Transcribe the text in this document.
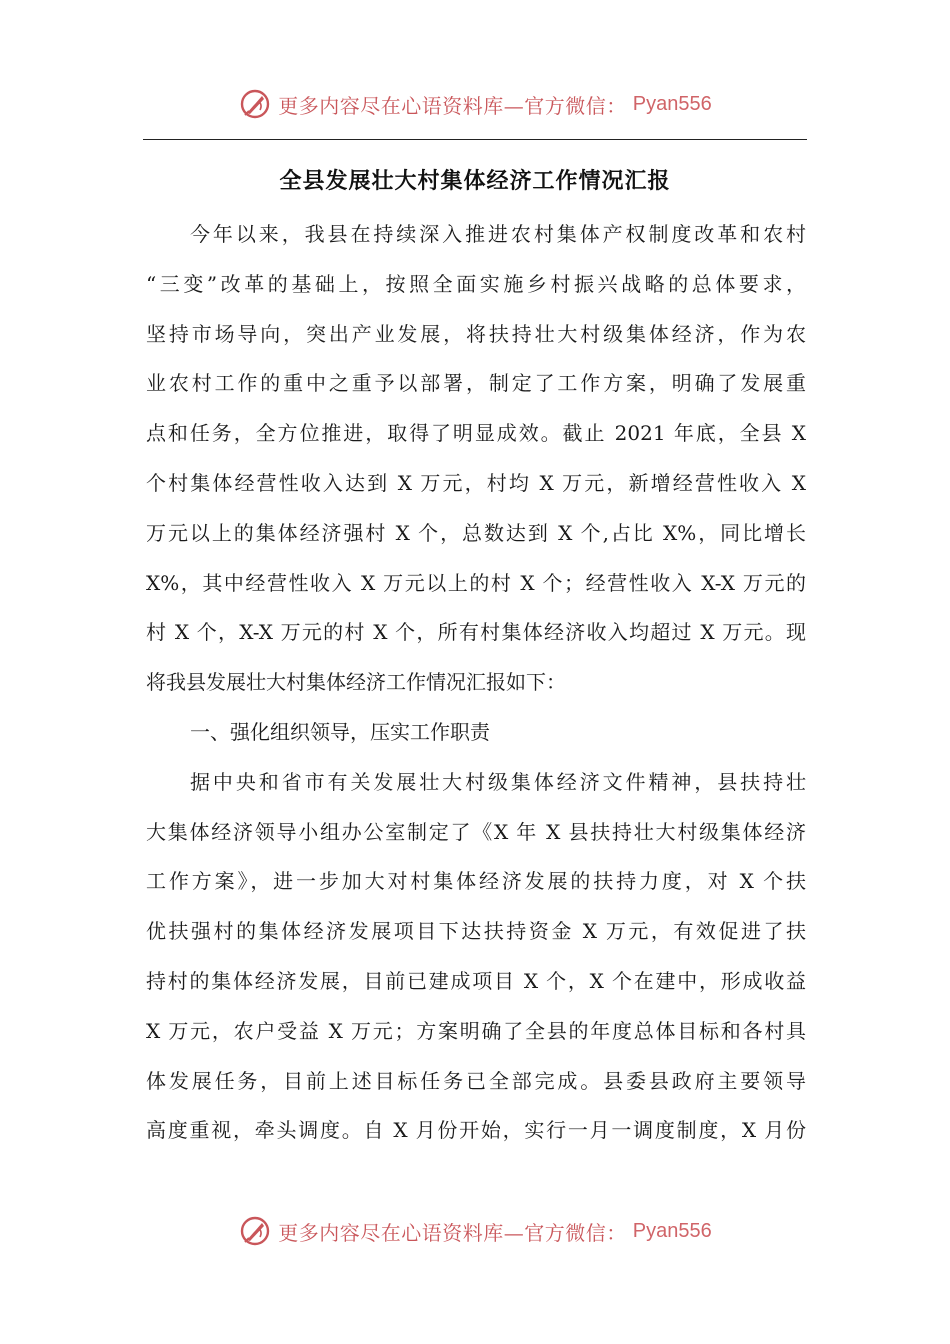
更多内容尽在心语资料库—官方微信： Pyan556
全县发展壮大村集体经济工作情况汇报
今年以来，我县在持续深入推进农村集体产权制度改革和农村
“三变”改革的基础上，按照全面实施乡村振兴战略的总体要求，
坚持市场导向，突出产业发展，将扶持壮大村级集体经济，作为农
业农村工作的重中之重予以部署，制定了工作方案，明确了发展重
点和任务，全方位推进，取得了明显成效。截止 2021 年底，全县 X
个村集体经营性收入达到 X 万元，村均 X 万元，新增经营性收入 X
万元以上的集体经济强村 X 个，总数达到 X 个,占比 X%，同比增长
X%，其中经营性收入 X 万元以上的村 X 个；经营性收入 X-X 万元的
村 X 个，X-X 万元的村 X 个，所有村集体经济收入均超过 X 万元。现
将我县发展壮大村集体经济工作情况汇报如下：
一、强化组织领导，压实工作职责
据中央和省市有关发展壮大村级集体经济文件精神，县扶持壮
大集体经济领导小组办公室制定了《X 年 X 县扶持壮大村级集体经济
工作方案》，进一步加大对村集体经济发展的扶持力度，对 X 个扶
优扶强村的集体经济发展项目下达扶持资金 X 万元，有效促进了扶
持村的集体经济发展，目前已建成项目 X 个，X 个在建中，形成收益
X 万元，农户受益 X 万元；方案明确了全县的年度总体目标和各村具
体发展任务，目前上述目标任务已全部完成。县委县政府主要领导
高度重视，牵头调度。自 X 月份开始，实行一月一调度制度，X 月份
更多内容尽在心语资料库—官方微信： Pyan556
